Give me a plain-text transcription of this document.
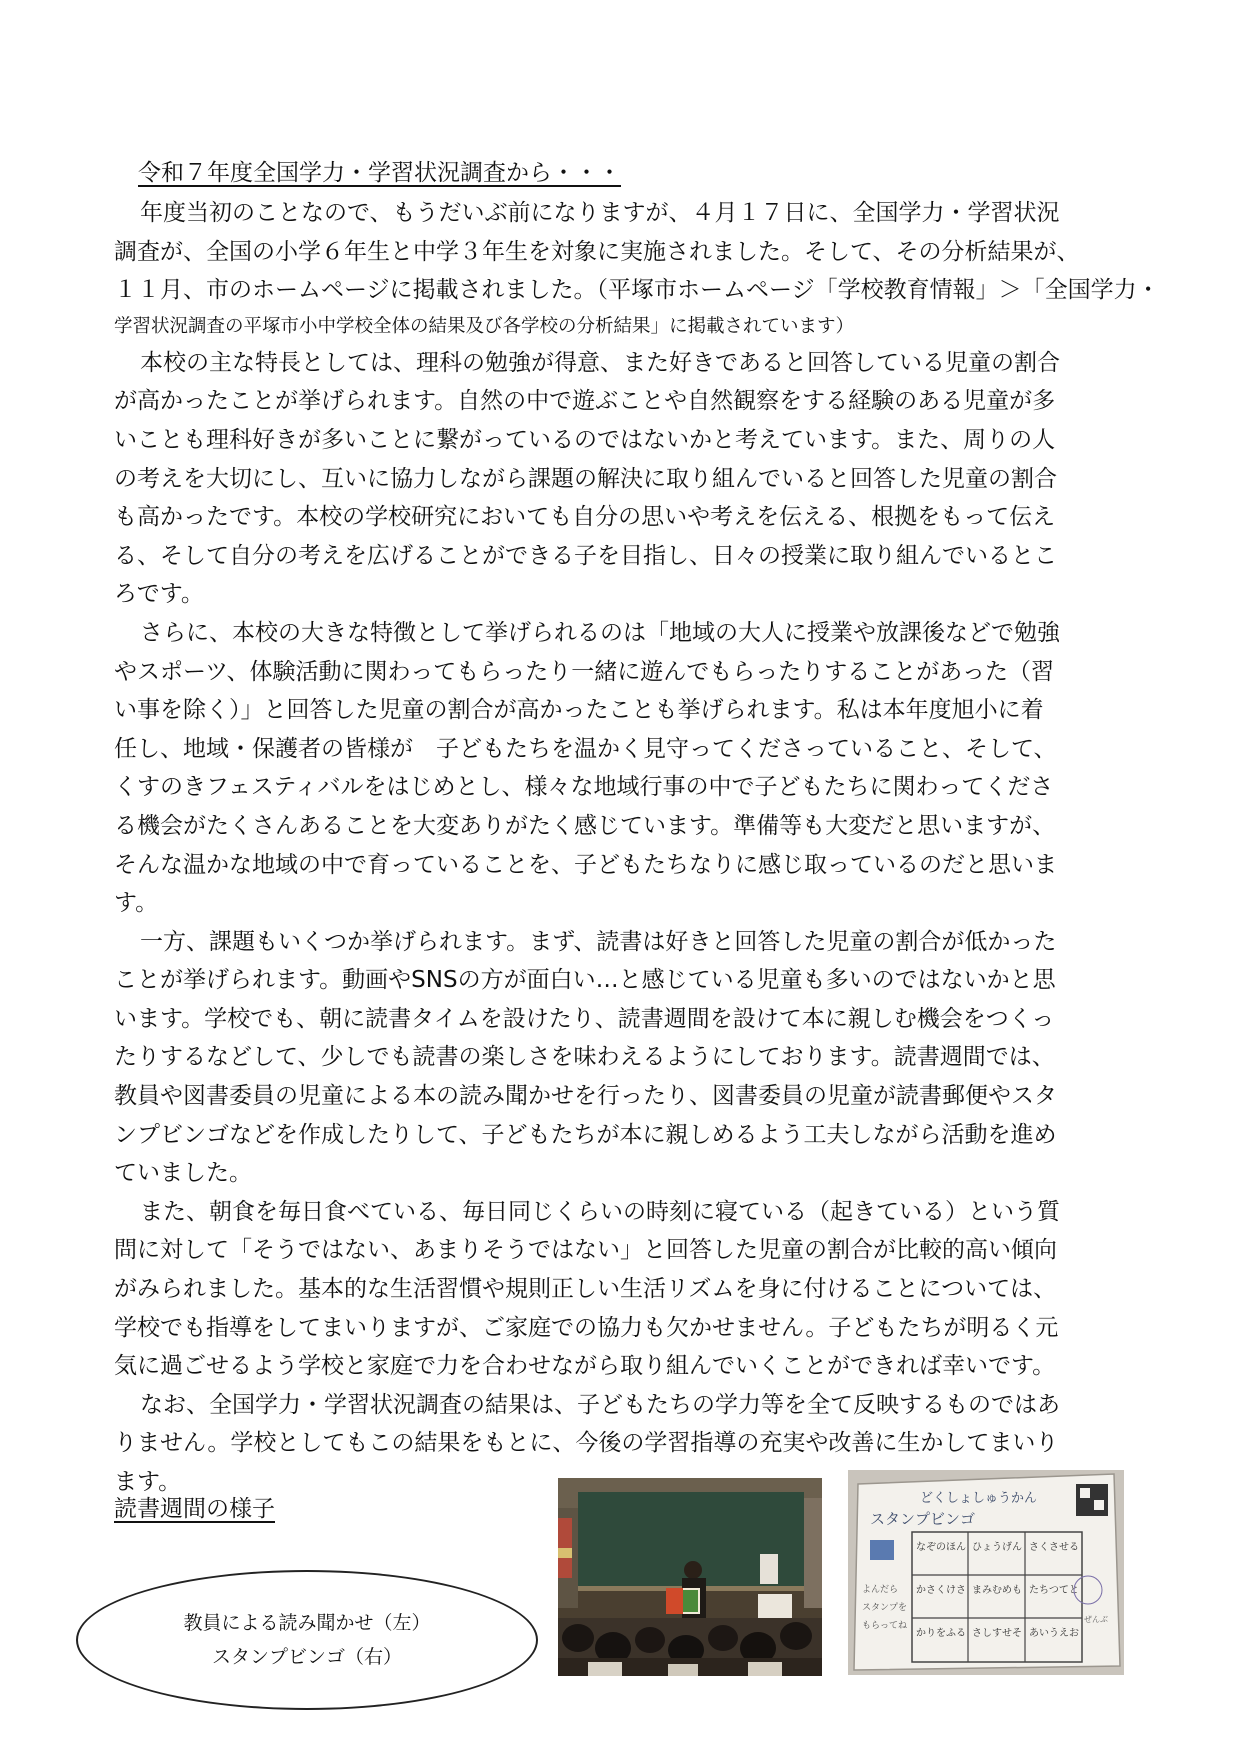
令和７年度全国学力・学習状況調査から・・・
年度当初のことなので、もうだいぶ前になりますが、４月１７日に、全国学力・学習状況
調査が、全国の小学６年生と中学３年生を対象に実施されました。そして、その分析結果が、
１１月、市のホームページに掲載されました。（平塚市ホームページ「学校教育情報」＞「全国学力・
学習状況調査の平塚市小中学校全体の結果及び各学校の分析結果」に掲載されています）
本校の主な特長としては、理科の勉強が得意、また好きであると回答している児童の割合
が高かったことが挙げられます。自然の中で遊ぶことや自然観察をする経験のある児童が多
いことも理科好きが多いことに繋がっているのではないかと考えています。また、周りの人
の考えを大切にし、互いに協力しながら課題の解決に取り組んでいると回答した児童の割合
も高かったです。本校の学校研究においても自分の思いや考えを伝える、根拠をもって伝え
る、そして自分の考えを広げることができる子を目指し、日々の授業に取り組んでいるとこ
ろです。
さらに、本校の大きな特徴として挙げられるのは「地域の大人に授業や放課後などで勉強
やスポーツ、体験活動に関わってもらったり一緒に遊んでもらったりすることがあった（習
い事を除く）」と回答した児童の割合が高かったことも挙げられます。私は本年度旭小に着
任し、地域・保護者の皆様が　子どもたちを温かく見守ってくださっていること、そして、
くすのきフェスティバルをはじめとし、様々な地域行事の中で子どもたちに関わってくださ
る機会がたくさんあることを大変ありがたく感じています。準備等も大変だと思いますが、
そんな温かな地域の中で育っていることを、子どもたちなりに感じ取っているのだと思いま
す。
一方、課題もいくつか挙げられます。まず、読書は好きと回答した児童の割合が低かった
ことが挙げられます。動画やSNSの方が面白い…と感じている児童も多いのではないかと思
います。学校でも、朝に読書タイムを設けたり、読書週間を設けて本に親しむ機会をつくっ
たりするなどして、少しでも読書の楽しさを味わえるようにしております。読書週間では、
教員や図書委員の児童による本の読み聞かせを行ったり、図書委員の児童が読書郵便やスタ
ンプビンゴなどを作成したりして、子どもたちが本に親しめるよう工夫しながら活動を進め
ていました。
また、朝食を毎日食べている、毎日同じくらいの時刻に寝ている（起きている）という質
問に対して「そうではない、あまりそうではない」と回答した児童の割合が比較的高い傾向
がみられました。基本的な生活習慣や規則正しい生活リズムを身に付けることについては、
学校でも指導をしてまいりますが、ご家庭での協力も欠かせません。子どもたちが明るく元
気に過ごせるよう学校と家庭で力を合わせながら取り組んでいくことができれば幸いです。
なお、全国学力・学習状況調査の結果は、子どもたちの学力等を全て反映するものではあ
りません。学校としてもこの結果をもとに、今後の学習指導の充実や改善に生かしてまいり
ます。
読書週間の様子
教員による読み聞かせ（左）
スタンプビンゴ（右）
どくしょしゅうかん
スタンプビンゴ
よんだら
スタンプを
もらってね
なぞのほん ひょうげん さくさせる
かさくけさ まみむめも たちつてと
かりをふる さしすせそ あいうえお
ぜんぶ
